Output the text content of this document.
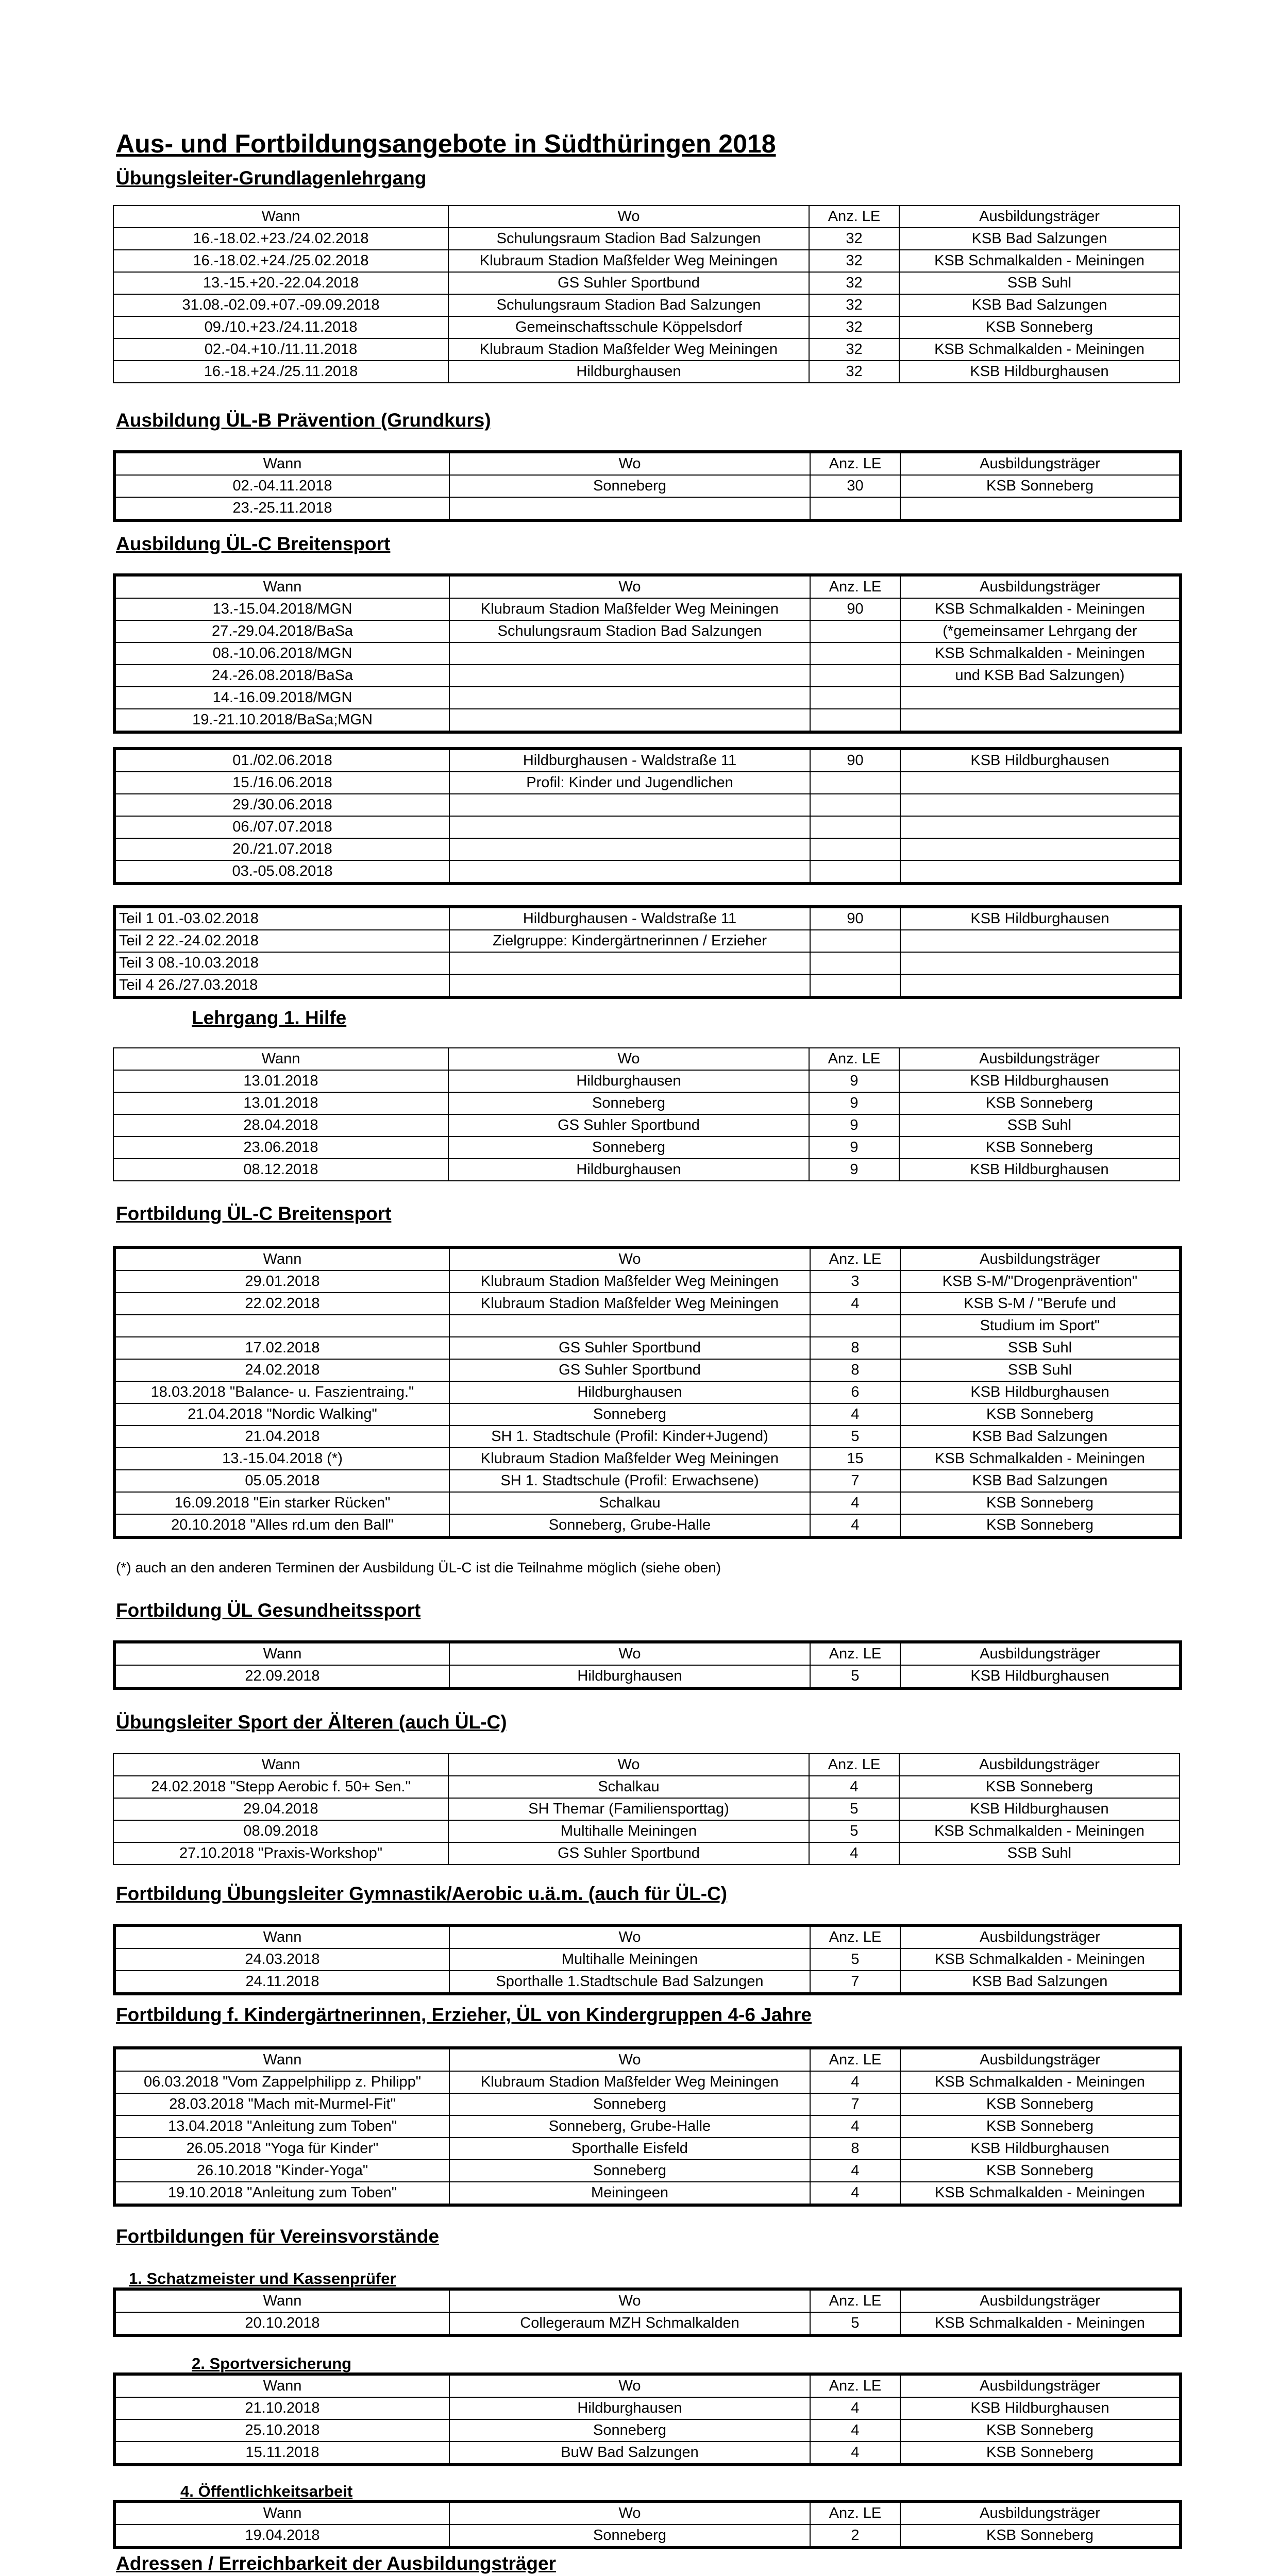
Aus- und Fortbildungsangebote in Südthüringen 2018
Übungsleiter-Grundlagenlehrgang
Wann	Wo	Anz. LE	Ausbildungsträger
16.-18.02.+23./24.02.2018	Schulungsraum Stadion Bad Salzungen	32	KSB Bad Salzungen
16.-18.02.+24./25.02.2018	Klubraum Stadion Maßfelder Weg Meiningen	32	KSB Schmalkalden - Meiningen
13.-15.+20.-22.04.2018	GS Suhler Sportbund	32	SSB Suhl
31.08.-02.09.+07.-09.09.2018	Schulungsraum Stadion Bad Salzungen	32	KSB Bad Salzungen
09./10.+23./24.11.2018	Gemeinschaftsschule Köppelsdorf	32	KSB Sonneberg
02.-04.+10./11.11.2018	Klubraum Stadion Maßfelder Weg Meiningen	32	KSB Schmalkalden - Meiningen
16.-18.+24./25.11.2018	Hildburghausen	32	KSB Hildburghausen
Ausbildung ÜL-B Prävention (Grundkurs)
Wann	Wo	Anz. LE	Ausbildungsträger
02.-04.11.2018	Sonneberg	30	KSB Sonneberg
23.-25.11.2018			
Ausbildung ÜL-C Breitensport
Wann	Wo	Anz. LE	Ausbildungsträger
13.-15.04.2018/MGN	Klubraum Stadion Maßfelder Weg Meiningen	90	KSB Schmalkalden - Meiningen
27.-29.04.2018/BaSa	Schulungsraum Stadion Bad Salzungen		(*gemeinsamer Lehrgang der
08.-10.06.2018/MGN			KSB Schmalkalden - Meiningen
24.-26.08.2018/BaSa			und KSB Bad Salzungen)
14.-16.09.2018/MGN			
19.-21.10.2018/BaSa;MGN			
01./02.06.2018	Hildburghausen - Waldstraße 11	90	KSB Hildburghausen
15./16.06.2018	Profil: Kinder und Jugendlichen		
29./30.06.2018			
06./07.07.2018			
20./21.07.2018			
03.-05.08.2018			
Teil 1 01.-03.02.2018	Hildburghausen - Waldstraße 11	90	KSB Hildburghausen
Teil 2 22.-24.02.2018	Zielgruppe: Kindergärtnerinnen / Erzieher		
Teil 3 08.-10.03.2018			
Teil 4 26./27.03.2018			
Lehrgang 1. Hilfe
Wann	Wo	Anz. LE	Ausbildungsträger
13.01.2018	Hildburghausen	9	KSB Hildburghausen
13.01.2018	Sonneberg	9	KSB Sonneberg
28.04.2018	GS Suhler Sportbund	9	SSB Suhl
23.06.2018	Sonneberg	9	KSB Sonneberg
08.12.2018	Hildburghausen	9	KSB Hildburghausen
Fortbildung ÜL-C Breitensport
Wann	Wo	Anz. LE	Ausbildungsträger
29.01.2018	Klubraum Stadion Maßfelder Weg Meiningen	3	KSB S-M/"Drogenprävention"
22.02.2018	Klubraum Stadion Maßfelder Weg Meiningen	4	KSB S-M / "Berufe und
			Studium im Sport"
17.02.2018	GS Suhler Sportbund	8	SSB Suhl
24.02.2018	GS Suhler Sportbund	8	SSB Suhl
18.03.2018 "Balance- u. Faszientraing."	Hildburghausen	6	KSB Hildburghausen
21.04.2018 "Nordic Walking"	Sonneberg	4	KSB Sonneberg
21.04.2018	SH 1. Stadtschule (Profil: Kinder+Jugend)	5	KSB Bad Salzungen
13.-15.04.2018 (*)	Klubraum Stadion Maßfelder Weg Meiningen	15	KSB Schmalkalden - Meiningen
05.05.2018	SH 1. Stadtschule (Profil: Erwachsene)	7	KSB Bad Salzungen
16.09.2018 "Ein starker Rücken"	Schalkau	4	KSB Sonneberg
20.10.2018 "Alles rd.um den Ball"	Sonneberg, Grube-Halle	4	KSB Sonneberg
(*) auch an den anderen Terminen der Ausbildung ÜL-C ist die Teilnahme möglich (siehe oben)
Fortbildung ÜL Gesundheitssport
Wann	Wo	Anz. LE	Ausbildungsträger
22.09.2018	Hildburghausen	5	KSB Hildburghausen
Übungsleiter Sport der Älteren (auch ÜL-C)
Wann	Wo	Anz. LE	Ausbildungsträger
24.02.2018 "Stepp Aerobic f. 50+ Sen."	Schalkau	4	KSB Sonneberg
29.04.2018	SH Themar (Familiensporttag)	5	KSB Hildburghausen
08.09.2018	Multihalle Meiningen	5	KSB Schmalkalden - Meiningen
27.10.2018 "Praxis-Workshop"	GS Suhler Sportbund	4	SSB Suhl
Fortbildung Übungsleiter Gymnastik/Aerobic u.ä.m. (auch für ÜL-C)
Wann	Wo	Anz. LE	Ausbildungsträger
24.03.2018	Multihalle Meiningen	5	KSB Schmalkalden - Meiningen
24.11.2018	Sporthalle 1.Stadtschule Bad Salzungen	7	KSB Bad Salzungen
Fortbildung f. Kindergärtnerinnen, Erzieher, ÜL von Kindergruppen 4-6 Jahre
Wann	Wo	Anz. LE	Ausbildungsträger
06.03.2018 "Vom Zappelphilipp z. Philipp"	Klubraum Stadion Maßfelder Weg Meiningen	4	KSB Schmalkalden - Meiningen
28.03.2018 "Mach mit-Murmel-Fit"	Sonneberg	7	KSB Sonneberg
13.04.2018 "Anleitung zum Toben"	Sonneberg, Grube-Halle	4	KSB Sonneberg
26.05.2018 "Yoga für Kinder"	Sporthalle Eisfeld	8	KSB Hildburghausen
26.10.2018 "Kinder-Yoga"	Sonneberg	4	KSB Sonneberg
19.10.2018 "Anleitung zum Toben"	Meiningeen	4	KSB Schmalkalden - Meiningen
Fortbildungen für Vereinsvorstände
1. Schatzmeister und Kassenprüfer
Wann	Wo	Anz. LE	Ausbildungsträger
20.10.2018	Collegeraum MZH Schmalkalden	5	KSB Schmalkalden - Meiningen
2. Sportversicherung
Wann	Wo	Anz. LE	Ausbildungsträger
21.10.2018	Hildburghausen	4	KSB Hildburghausen
25.10.2018	Sonneberg	4	KSB Sonneberg
15.11.2018	BuW Bad Salzungen	4	KSB Sonneberg
4. Öffentlichkeitsarbeit
Wann	Wo	Anz. LE	Ausbildungsträger
19.04.2018	Sonneberg	2	KSB Sonneberg
Adressen / Erreichbarkeit der Ausbildungsträger
